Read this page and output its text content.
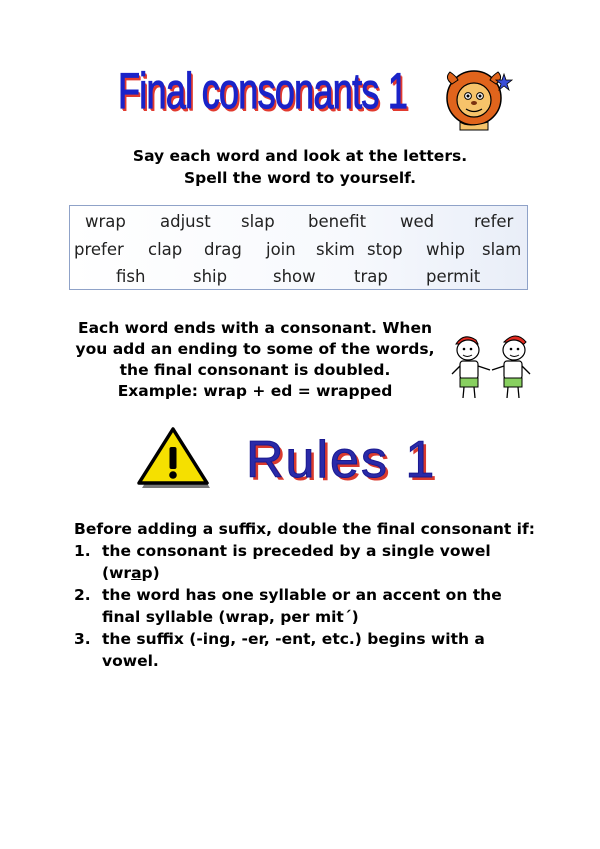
Final consonants 1
Say each word and look at the letters.
Spell the word to yourself.
wrap adjust slap benefit wed refer
prefer clap drag join skim stop whip slam
fish	ship	show trap permit
Each word ends with a consonant. When
you add an ending to some of the words,
the final consonant is doubled.
Example: wrap + ed = wrapped
Rules 1

Before adding a suffix, double the final consonant if:

1. the consonant is preceded by a single vowel (wrap)
2. the word has one syllable or an accent on the final syllable (wrap, per mit´)
3. the suffix (-ing, -er, -ent, etc.) begins with a vowel.
